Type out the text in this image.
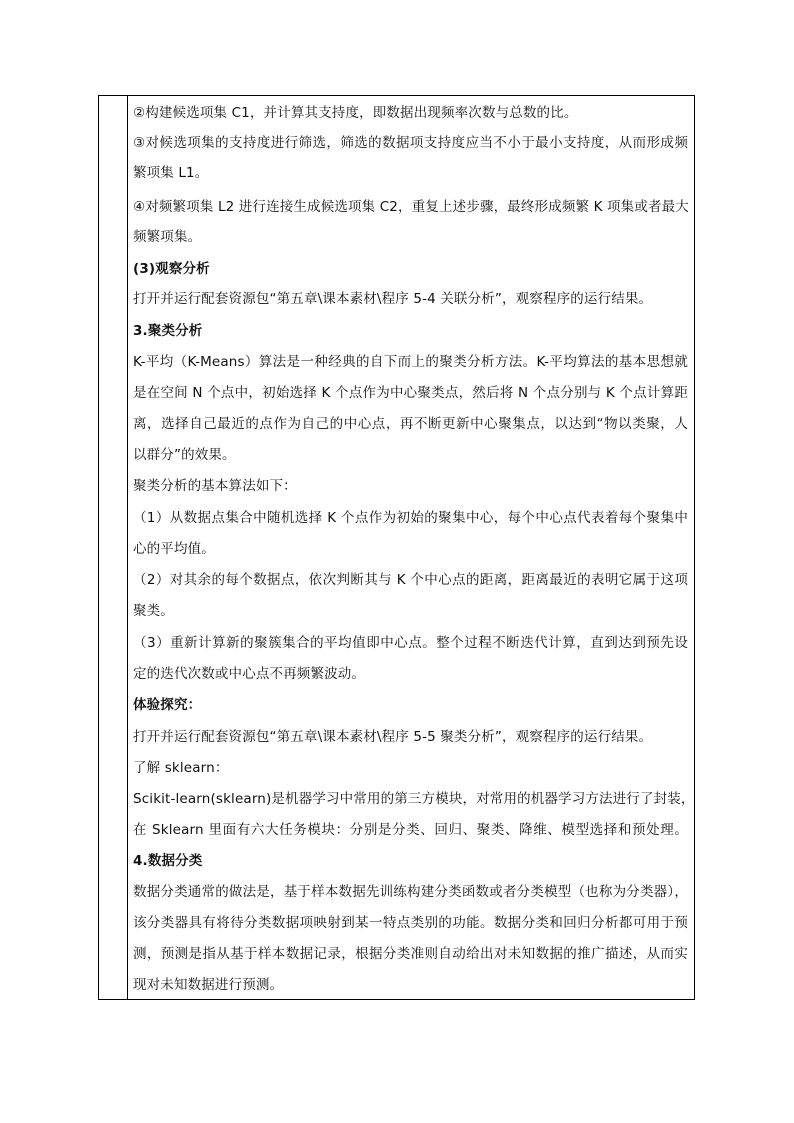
②构建候选项集 C1，并计算其支持度，即数据出现频率次数与总数的比。
③对候选项集的支持度进行筛选，筛选的数据项支持度应当不小于最小支持度，从而形成频
繁项集 L1。
④对频繁项集 L2 进行连接生成候选项集 C2，重复上述步骤，最终形成频繁 K 项集或者最大
频繁项集。
(3)观察分析
打开并运行配套资源包“第五章\课本素材\程序 5-4 关联分析”，观察程序的运行结果。
3.聚类分析
K-平均（K-Means）算法是一种经典的自下而上的聚类分析方法。K-平均算法的基本思想就
是在空间 N 个点中，初始选择 K 个点作为中心聚类点，然后将 N 个点分别与 K 个点计算距
离，选择自己最近的点作为自己的中心点，再不断更新中心聚集点，以达到“物以类聚，人
以群分”的效果。
聚类分析的基本算法如下：
（1）从数据点集合中随机选择 K 个点作为初始的聚集中心，每个中心点代表着每个聚集中
心的平均值。
（2）对其余的每个数据点，依次判断其与 K 个中心点的距离，距离最近的表明它属于这项
聚类。
（3）重新计算新的聚簇集合的平均值即中心点。整个过程不断迭代计算，直到达到预先设
定的迭代次数或中心点不再频繁波动。
体验探究：
打开并运行配套资源包“第五章\课本素材\程序 5-5 聚类分析”，观察程序的运行结果。
了解 sklearn：
Scikit-learn(sklearn)是机器学习中常用的第三方模块，对常用的机器学习方法进行了封装，
在 Sklearn 里面有六大任务模块：分别是分类、回归、聚类、降维、模型选择和预处理。
4.数据分类
数据分类通常的做法是，基于样本数据先训练构建分类函数或者分类模型（也称为分类器），
该分类器具有将待分类数据项映射到某一特点类别的功能。数据分类和回归分析都可用于预
测，预测是指从基于样本数据记录，根据分类准则自动给出对未知数据的推广描述，从而实
现对未知数据进行预测。
